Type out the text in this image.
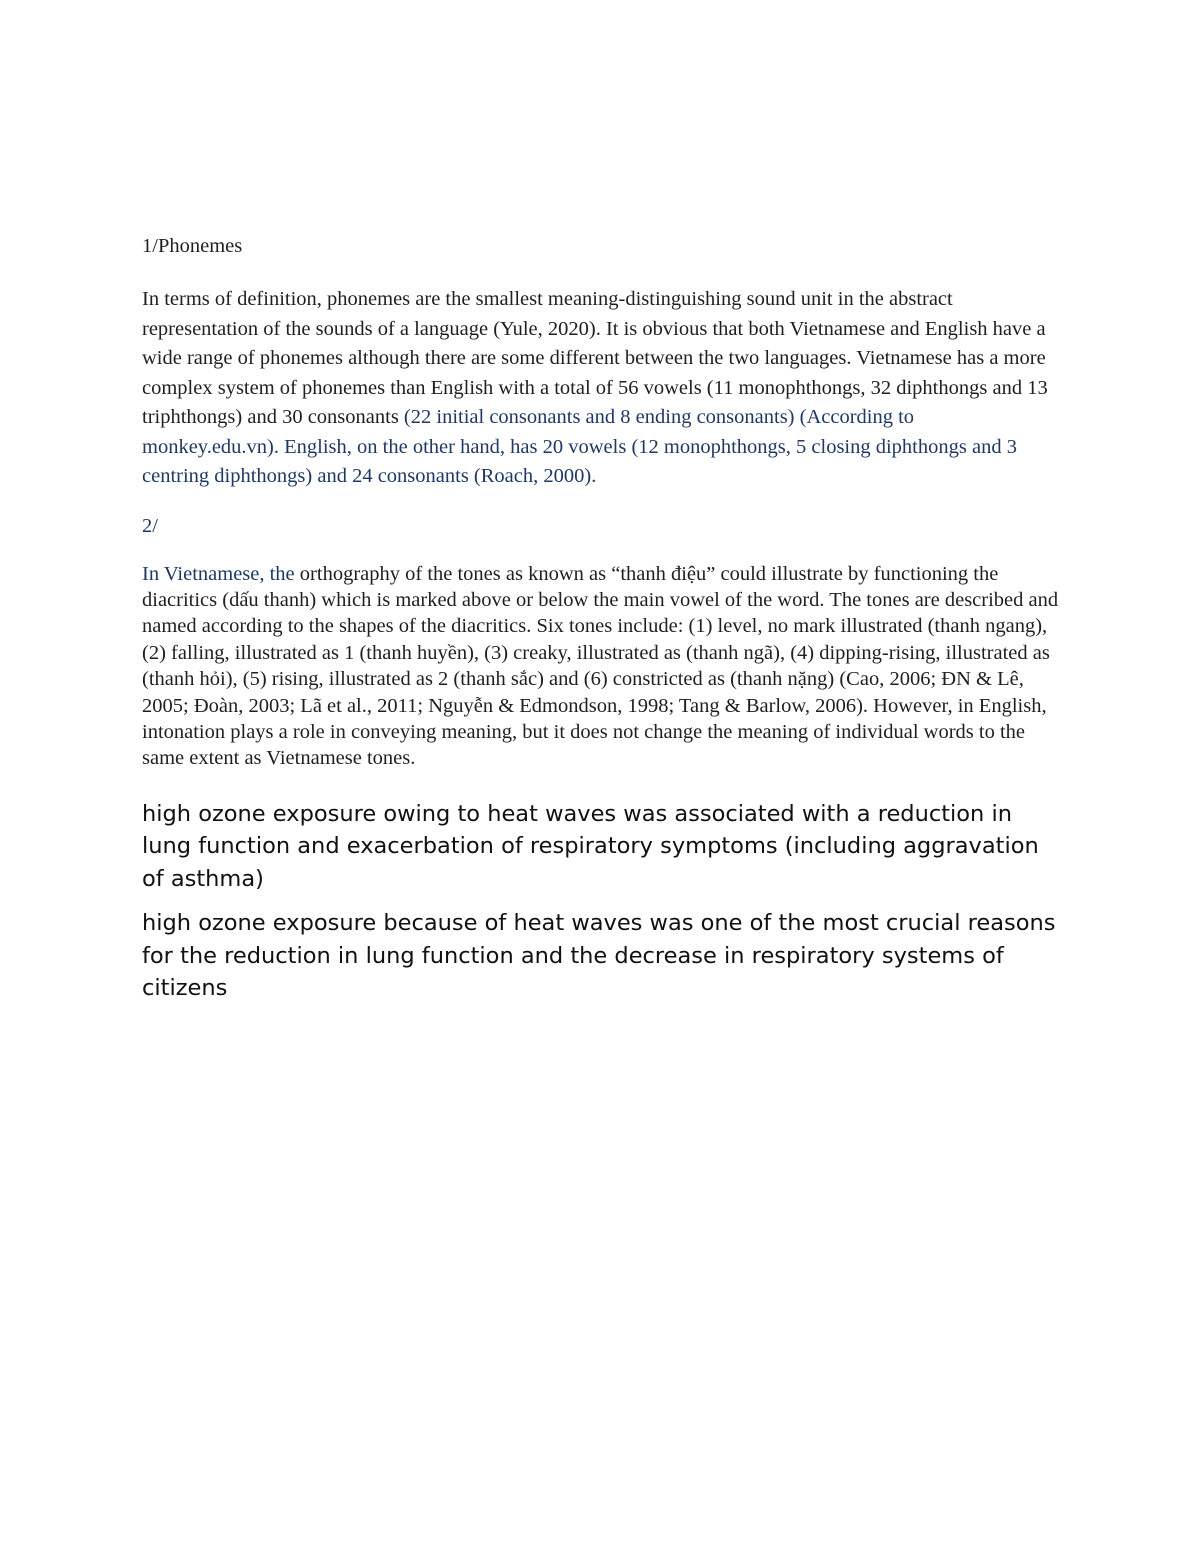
1/Phonemes

In terms of definition, phonemes are the smallest meaning-distinguishing sound unit in the abstract representation of the sounds of a language (Yule, 2020). It is obvious that both Vietnamese and English have a wide range of phonemes although there are some different between the two languages. Vietnamese has a more complex system of phonemes than English with a total of 56 vowels (11 monophthongs, 32 diphthongs and 13 triphthongs) and 30 consonants (22 initial consonants and 8 ending consonants) (According to monkey.edu.vn). English, on the other hand, has 20 vowels (12 monophthongs, 5 closing diphthongs and 3 centring diphthongs) and 24 consonants (Roach, 2000).

2/

In Vietnamese, the orthography of the tones as known as “thanh điệu” could illustrate by functioning the diacritics (dấu thanh) which is marked above or below the main vowel of the word. The tones are described and named according to the shapes of the diacritics. Six tones include: (1) level, no mark illustrated (thanh ngang), (2) falling, illustrated as 1 (thanh huyền), (3) creaky, illustrated as (thanh ngã), (4) dipping-rising, illustrated as (thanh hỏi), (5) rising, illustrated as 2 (thanh sắc) and (6) constricted as (thanh nặng) (Cao, 2006; ĐN & Lê, 2005; Đoàn, 2003; Lã et al., 2011; Nguyễn & Edmondson, 1998; Tang & Barlow, 2006). However, in English, intonation plays a role in conveying meaning, but it does not change the meaning of individual words to the same extent as Vietnamese tones.

high ozone exposure owing to heat waves was associated with a reduction in lung function and exacerbation of respiratory symptoms (including aggravation of asthma)

high ozone exposure because of heat waves was one of the most crucial reasons for the reduction in lung function and the decrease in respiratory systems of citizens
